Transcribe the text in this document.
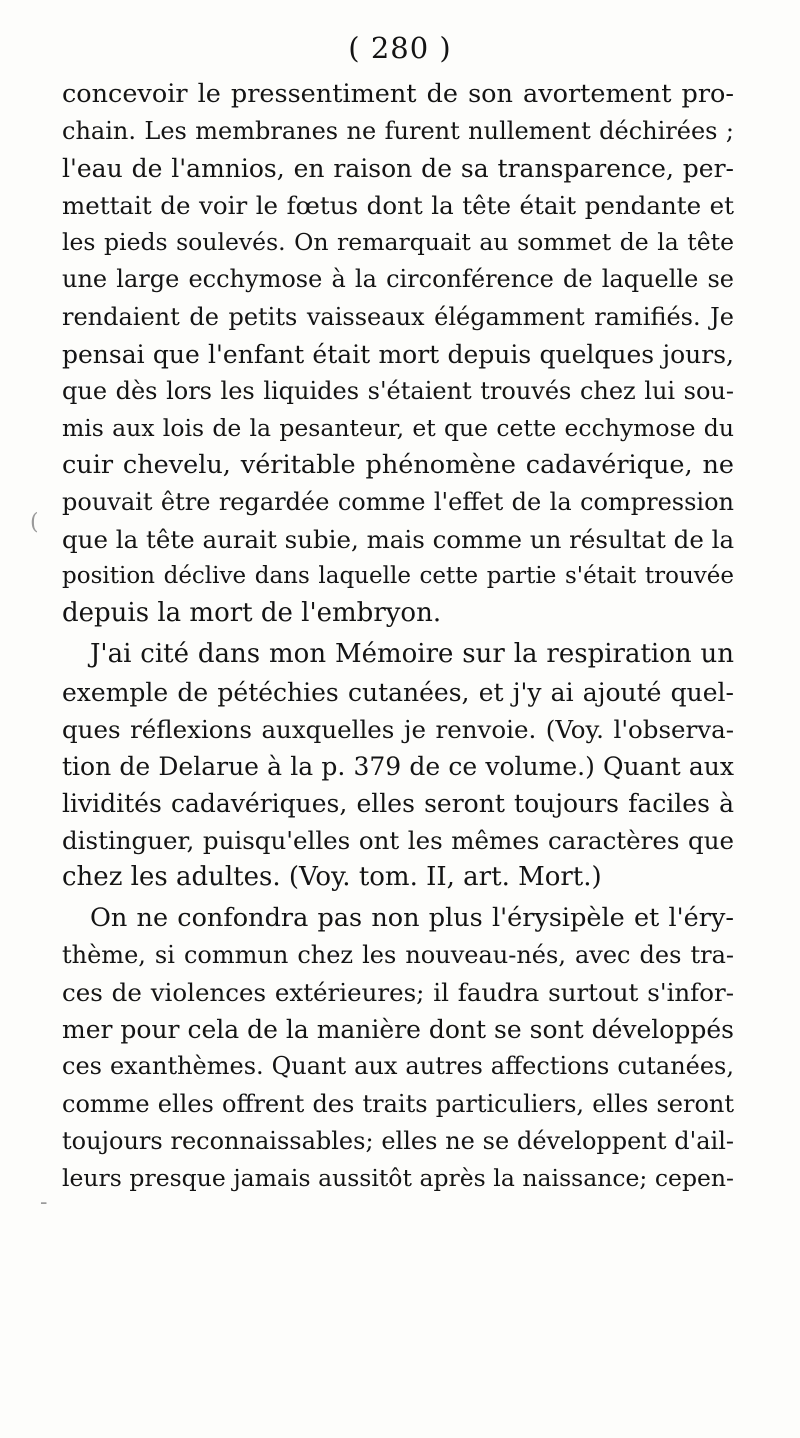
( 280 )
concevoir le pressentiment de son avortement pro-
chain. Les membranes ne furent nullement déchirées ;
l'eau de l'amnios, en raison de sa transparence, per-
mettait de voir le fœtus dont la tête était pendante et
les pieds soulevés. On remarquait au sommet de la tête
une large ecchymose à la circonférence de laquelle se
rendaient de petits vaisseaux élégamment ramifiés. Je
pensai que l'enfant était mort depuis quelques jours,
que dès lors les liquides s'étaient trouvés chez lui sou-
mis aux lois de la pesanteur, et que cette ecchymose du
cuir chevelu, véritable phénomène cadavérique, ne
pouvait être regardée comme l'effet de la compression
que la tête aurait subie, mais comme un résultat de la
position déclive dans laquelle cette partie s'était trouvée
depuis la mort de l'embryon.
J'ai cité dans mon Mémoire sur la respiration un
exemple de pétéchies cutanées, et j'y ai ajouté quel-
ques réflexions auxquelles je renvoie. (Voy. l'observa-
tion de Delarue à la p. 379 de ce volume.) Quant aux
lividités cadavériques, elles seront toujours faciles à
distinguer, puisqu'elles ont les mêmes caractères que
chez les adultes. (Voy. tom. II, art. Mort.)
On ne confondra pas non plus l'érysipèle et l'éry-
thème, si commun chez les nouveau-nés, avec des tra-
ces de violences extérieures; il faudra surtout s'infor-
mer pour cela de la manière dont se sont développés
ces exanthèmes. Quant aux autres affections cutanées,
comme elles offrent des traits particuliers, elles seront
toujours reconnaissables; elles ne se développent d'ail-
leurs presque jamais aussitôt après la naissance; cepen-
(
-
